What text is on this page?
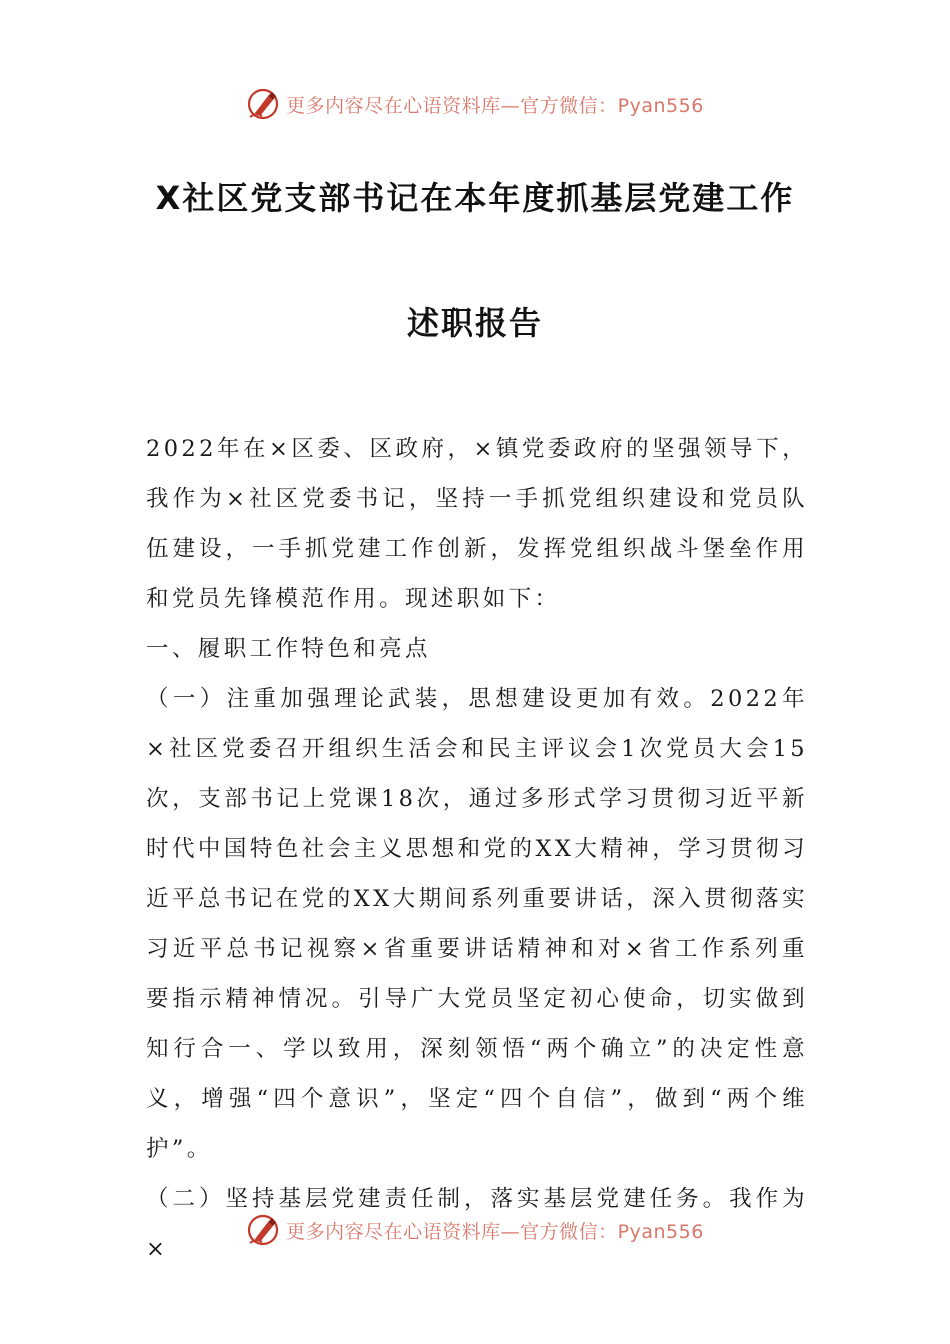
更多内容尽在心语资料库—官方微信：Pyan556
X社区党支部书记在本年度抓基层党建工作
述职报告

2022年在×区委、区政府，×镇党委政府的坚强领导下，我作为×社区党委书记，坚持一手抓党组织建设和党员队伍建设，一手抓党建工作创新，发挥党组织战斗堡垒作用和党员先锋模范作用。现述职如下：

一、履职工作特色和亮点

（一）注重加强理论武装，思想建设更加有效。2022年×社区党委召开组织生活会和民主评议会1次党员大会15次，支部书记上党课18次，通过多形式学习贯彻习近平新时代中国特色社会主义思想和党的XX大精神，学习贯彻习近平总书记在党的XX大期间系列重要讲话，深入贯彻落实习近平总书记视察×省重要讲话精神和对×省工作系列重要指示精神情况。引导广大党员坚定初心使命，切实做到知行合一、学以致用，深刻领悟“两个确立”的决定性意义，增强“四个意识”，坚定“四个自信”，做到“两个维护”。

（二）坚持基层党建责任制，落实基层党建任务。我作为×

更多内容尽在心语资料库—官方微信：Pyan556
